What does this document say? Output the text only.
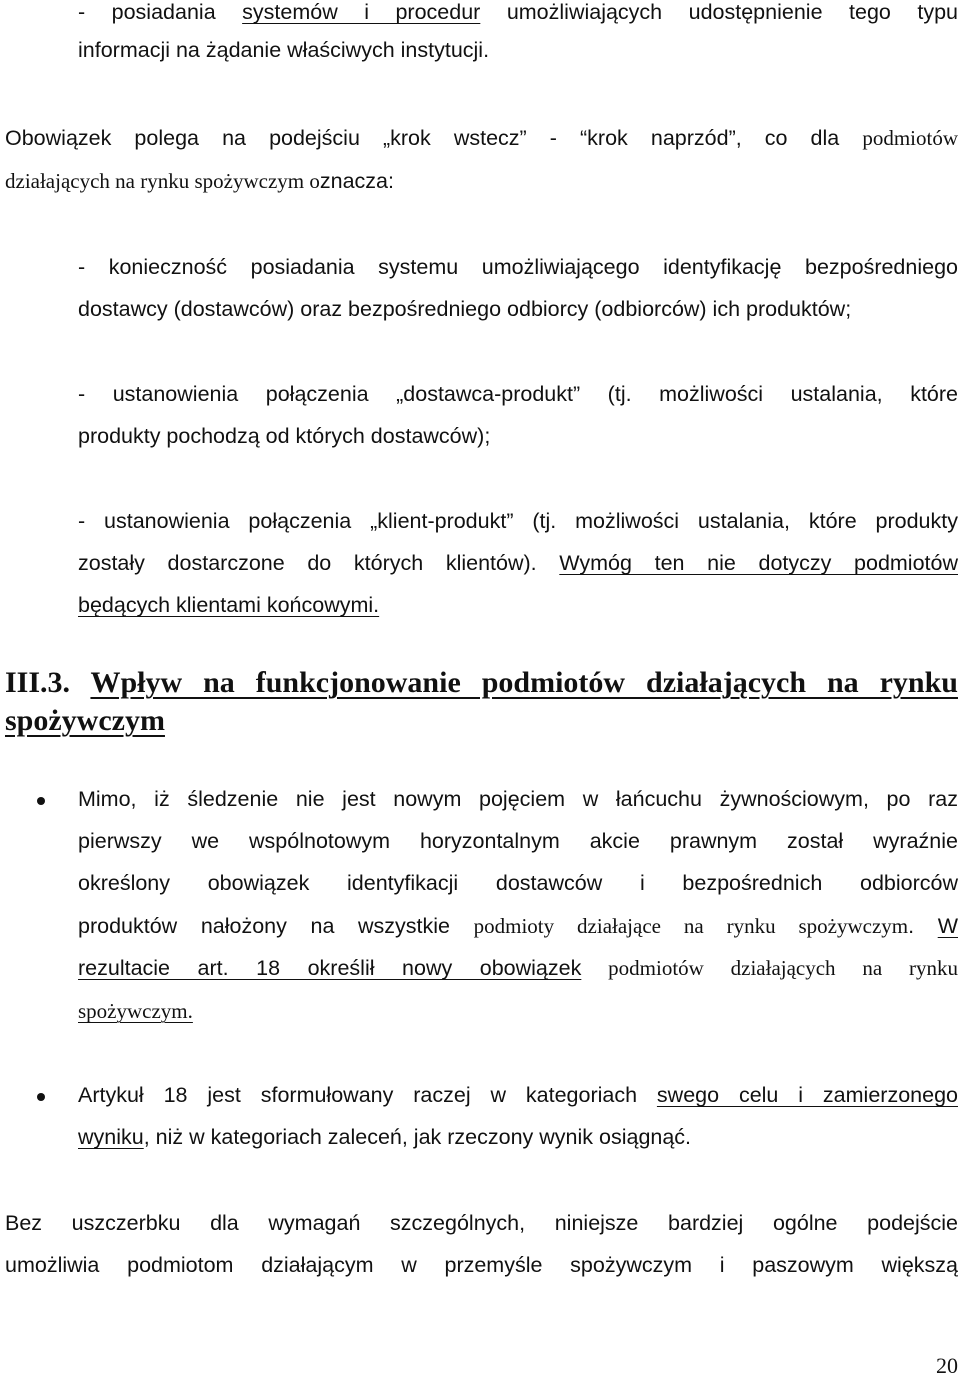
- posiadania systemów i procedur umożliwiających udostępnienie tego typu
informacji na żądanie właściwych instytucji.
Obowiązek polega na podejściu „krok wstecz” - “krok naprzód”, co dla podmiotów
działających na rynku spożywczym oznacza:
- konieczność posiadania systemu umożliwiającego identyfikację bezpośredniego
dostawcy (dostawców) oraz bezpośredniego odbiorcy (odbiorców) ich produktów;
- ustanowienia połączenia „dostawca-produkt” (tj. możliwości ustalania, które
produkty pochodzą od których dostawców);
- ustanowienia połączenia „klient-produkt” (tj. możliwości ustalania, które produkty
zostały dostarczone do których klientów). Wymóg ten nie dotyczy podmiotów
będących klientami końcowymi.
III.3. Wpływ na funkcjonowanie podmiotów działających na rynku
spożywczym
Mimo, iż śledzenie nie jest nowym pojęciem w łańcuchu żywnościowym, po raz
pierwszy we wspólnotowym horyzontalnym akcie prawnym został wyraźnie
określony obowiązek identyfikacji dostawców i bezpośrednich odbiorców
produktów nałożony na wszystkie podmioty działające na rynku spożywczym. W
rezultacie art. 18 określił nowy obowiązek podmiotów działających na rynku
spożywczym.
Artykuł 18 jest sformułowany raczej w kategoriach swego celu i zamierzonego
wyniku, niż w kategoriach zaleceń, jak rzeczony wynik osiągnąć.
Bez uszczerbku dla wymagań szczególnych, niniejsze bardziej ogólne podejście
umożliwia podmiotom działającym w przemyśle spożywczym i paszowym większą
20
